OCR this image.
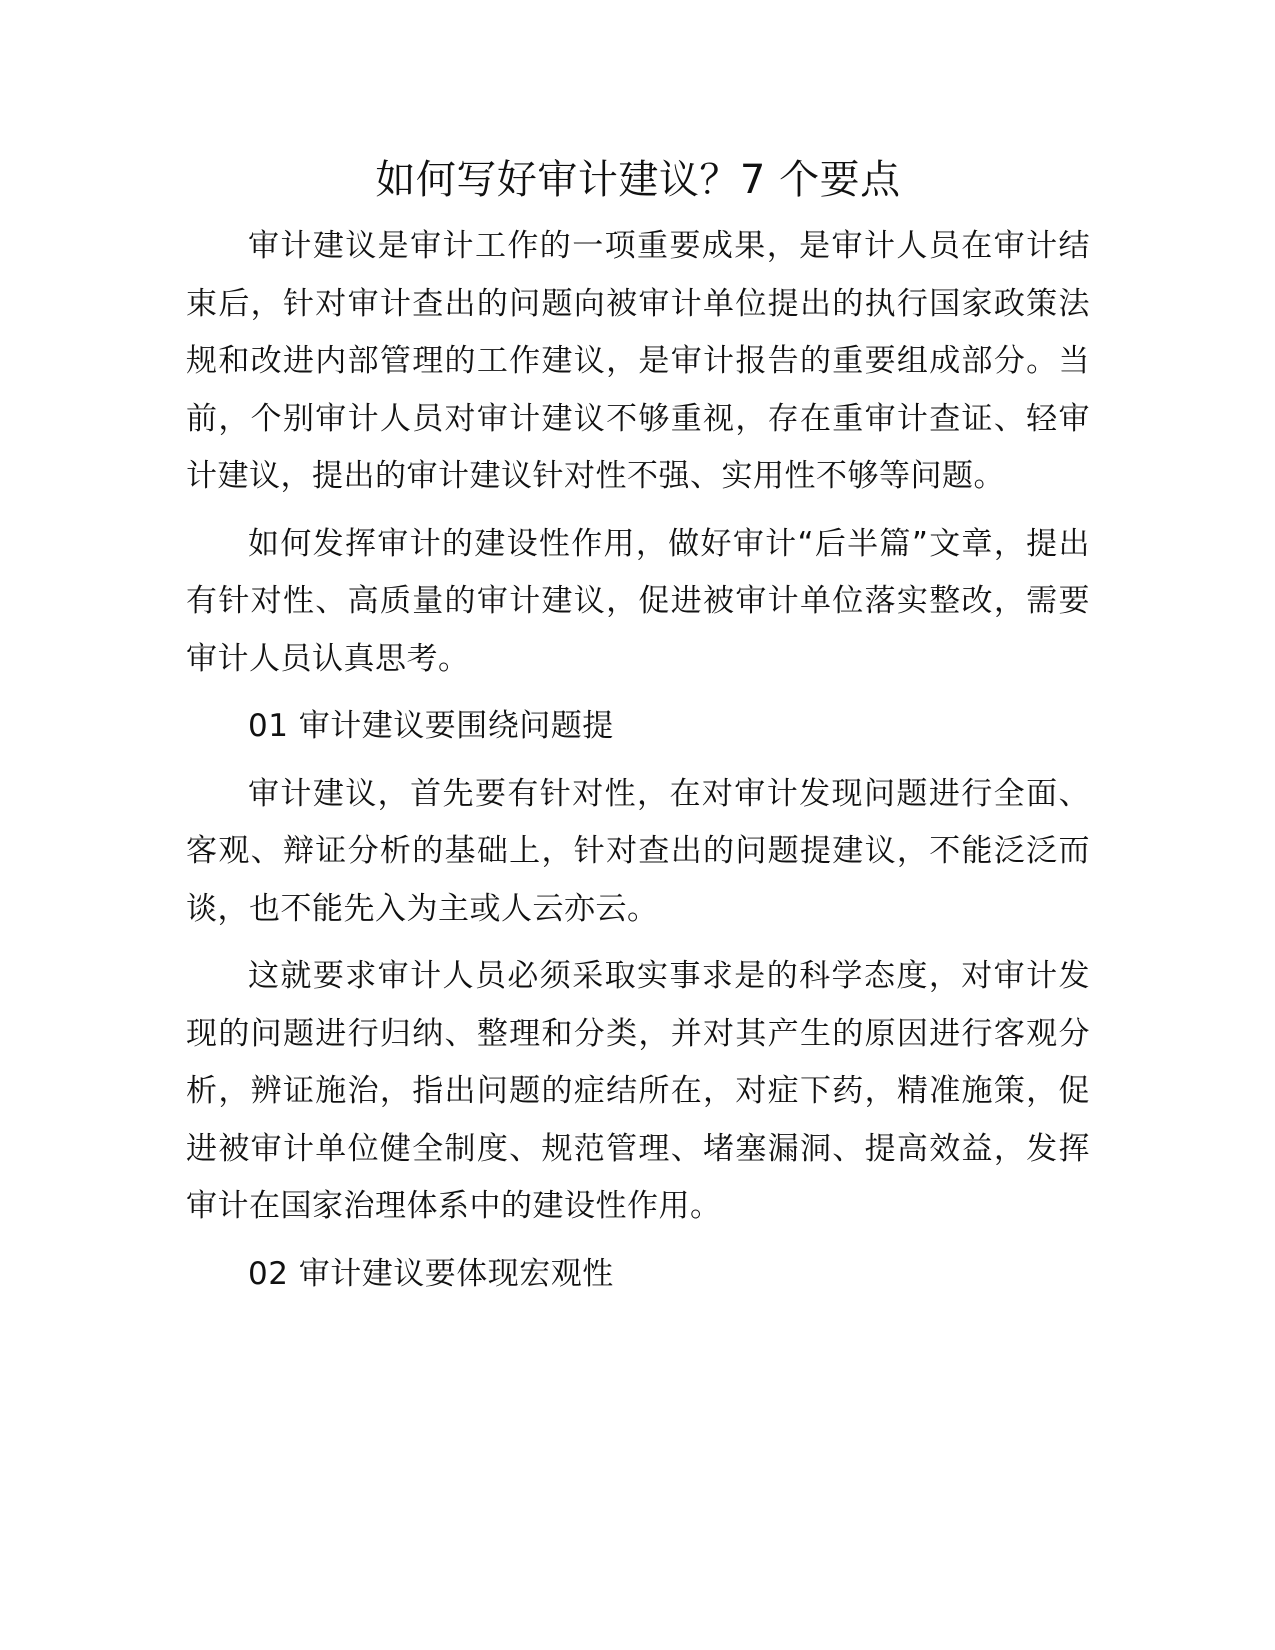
如何写好审计建议？7 个要点

审计建议是审计工作的一项重要成果，是审计人员在审计结束后，针对审计查出的问题向被审计单位提出的执行国家政策法规和改进内部管理的工作建议，是审计报告的重要组成部分。当前，个别审计人员对审计建议不够重视，存在重审计查证、轻审计建议，提出的审计建议针对性不强、实用性不够等问题。

如何发挥审计的建设性作用，做好审计“后半篇”文章，提出有针对性、高质量的审计建议，促进被审计单位落实整改，需要审计人员认真思考。

01 审计建议要围绕问题提

审计建议，首先要有针对性，在对审计发现问题进行全面、客观、辩证分析的基础上，针对查出的问题提建议，不能泛泛而谈，也不能先入为主或人云亦云。

这就要求审计人员必须采取实事求是的科学态度，对审计发现的问题进行归纳、整理和分类，并对其产生的原因进行客观分析，辨证施治，指出问题的症结所在，对症下药，精准施策，促进被审计单位健全制度、规范管理、堵塞漏洞、提高效益，发挥审计在国家治理体系中的建设性作用。

02 审计建议要体现宏观性
